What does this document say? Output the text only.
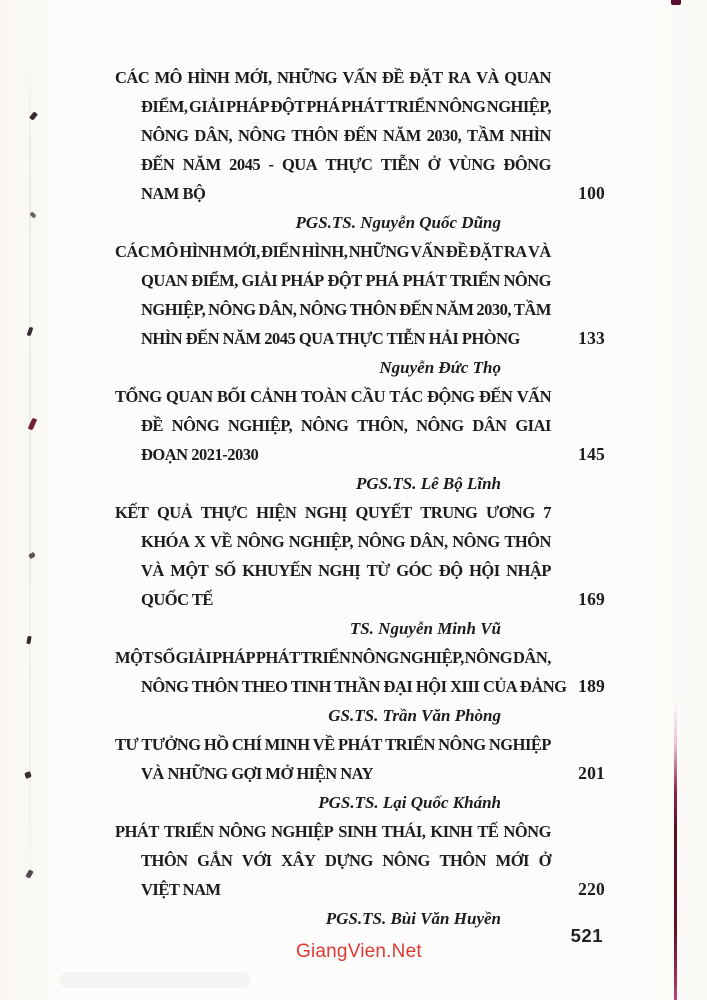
CÁC MÔ HÌNH MỚI, NHỮNG VẤN ĐỀ ĐẶT RA VÀ QUAN
ĐIỂM, GIẢI PHÁP ĐỘT PHÁ PHÁT TRIỂN NÔNG NGHIỆP,
NÔNG DÂN, NÔNG THÔN ĐẾN NĂM 2030, TẦM NHÌN
ĐẾN NĂM 2045 - QUA THỰC TIỄN Ở VÙNG ĐÔNG
NAM BỘ	100
PGS.TS. Nguyễn Quốc Dũng
CÁC MÔ HÌNH MỚI, ĐIỂN HÌNH, NHỮNG VẤN ĐỀ ĐẶT RA VÀ
QUAN ĐIỂM, GIẢI PHÁP ĐỘT PHÁ PHÁT TRIỂN NÔNG
NGHIỆP, NÔNG DÂN, NÔNG THÔN ĐẾN NĂM 2030, TẦM
NHÌN ĐẾN NĂM 2045 QUA THỰC TIỄN HẢI PHÒNG	133
Nguyễn Đức Thọ
TỔNG QUAN BỐI CẢNH TOÀN CẦU TÁC ĐỘNG ĐẾN VẤN
ĐỀ NÔNG NGHIỆP, NÔNG THÔN, NÔNG DÂN GIAI
ĐOẠN 2021-2030	145
PGS.TS. Lê Bộ Lĩnh
KẾT QUẢ THỰC HIỆN NGHỊ QUYẾT TRUNG ƯƠNG 7
KHÓA X VỀ NÔNG NGHIỆP, NÔNG DÂN, NÔNG THÔN
VÀ MỘT SỐ KHUYẾN NGHỊ TỪ GÓC ĐỘ HỘI NHẬP
QUỐC TẾ	169
TS. Nguyễn Minh Vũ
MỘT SỐ GIẢI PHÁP PHÁT TRIỂN NÔNG NGHIỆP, NÔNG DÂN,
NÔNG THÔN THEO TINH THẦN ĐẠI HỘI XIII CỦA ĐẢNG 189
GS.TS. Trần Văn Phòng
TƯ TƯỞNG HỒ CHÍ MINH VỀ PHÁT TRIỂN NÔNG NGHIỆP
VÀ NHỮNG GỢI MỞ HIỆN NAY	201
PGS.TS. Lại Quốc Khánh
PHÁT TRIỂN NÔNG NGHIỆP SINH THÁI, KINH TẾ NÔNG
THÔN GẮN VỚI XÂY DỰNG NÔNG THÔN MỚI Ở
VIỆT NAM	220
PGS.TS. Bùi Văn Huyền
521
GiangVien.Net
